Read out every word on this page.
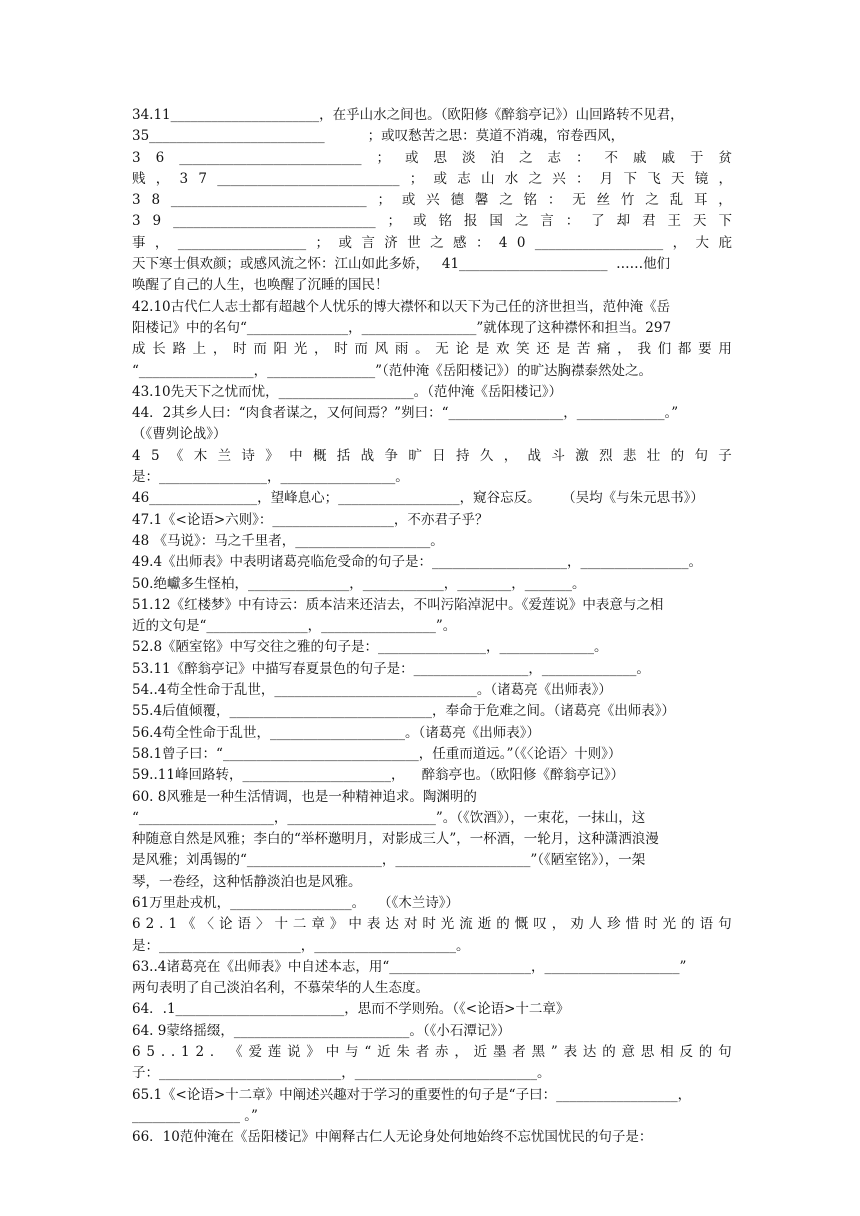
34.11______________________，在乎山水之间也。（欧阳修《醉翁亭记》）山回路转不见君，
35__________________________          ；或叹愁苦之思：莫道不消魂，帘卷西风，
3 6 ___________________________ ； 或 思 淡 泊 之 志 ： 不 戚 戚 于 贫
贱 ， 3 7 ___________________________ ； 或 志 山 水 之 兴 ： 月 下 飞 天 镜 ，
3 8 _____________________________ ； 或 兴 德 馨 之 铭 ： 无 丝 竹 之 乱 耳 ，
3 9 ______________________________ ； 或 铭 报 国 之 言 ： 了 却 君 王 天 下
事 ， ___________________ ； 或 言 济 世 之 感 ： 4 0 ___________________ ， 大 庇
天下寒士俱欢颜；或感风流之怀：江山如此多娇，   41______________________  ……他们
唤醒了自己的人生，也唤醒了沉睡的国民！
42.10古代仁人志士都有超越个人忧乐的博大襟怀和以天下为己任的济世担当，范仲淹《岳
阳楼记》中的名句“_______________，_________________”就体现了这种襟怀和担当。297
成 长 路 上 ， 时 而 阳 光 ， 时 而 风 雨 。 无 论 是 欢 笑 还 是 苦 痛 ， 我 们 都 要 用
“_________________，________________”（范仲淹《岳阳楼记》）的旷达胸襟泰然处之。
43.10先天下之忧而忧，____________________。（范仲淹《岳阳楼记》）
44．2其乡人曰：“肉食者谋之，又何间焉？”刿曰：“_________________，_____________。”
（《曹刿论战》）
4 5 《 木 兰 诗 》 中 概 括 战 争 旷 日 持 久 ， 战 斗 激 烈 悲 壮 的 句 子
是：________________，_________________。
46________________，望峰息心；__________________，窥谷忘反。     （吴均《与朱元思书》）
47.1《<论语>六则》：__________________，不亦君子乎？
48 《马说》：马之千里者，____________________。
49.4《出师表》中表明诸葛亮临危受命的句子是：____________________，________________。
50.绝巘多生怪柏，_______________，____________，________，_______。
51.12《红楼梦》中有诗云：质本洁来还洁去，不叫污陷淖泥中。《爱莲说》中表意与之相
近的文句是“_______________，_________________”。
52.8《陋室铭》中写交往之雅的句子是：________________，______________。
53.11《醉翁亭记》中描写春夏景色的句子是：_________________，______________。
54..4苟全性命于乱世，______________________________。（诸葛亮《出师表》）
55.4后值倾覆，______________________________，奉命于危难之间。（诸葛亮《出师表》）
56.4苟全性命于乱世，____________________。（诸葛亮《出师表》）
58.1曾子曰：“_____________________________，任重而道远。”（《〈论语〉十则》）
59..11峰回路转，______________________，    醉翁亭也。（欧阳修《醉翁亭记》）
60. 8风雅是一种生活情调，也是一种精神追求。陶渊明的
“____________________，______________________”。（《饮酒》），一束花，一抹山，这
种随意自然是风雅；李白的“举杯邀明月，对影成三人”，一杯酒，一轮月，这种潇洒浪漫
是风雅；刘禹锡的“____________________，____________________”（《陋室铭》），一架
琴，一卷经，这种恬静淡泊也是风雅。
61万里赴戎机，__________________。   （《木兰诗》）
6 2 . 1 《 〈 论 语 〉 十 二 章 》 中 表 达 对 时 光 流 逝 的 慨 叹 ， 劝 人 珍 惜 时 光 的 语 句
是：_____________________，_____________________。
63..4诸葛亮在《出师表》中自述本志，用“_____________________，____________________”
两句表明了自己淡泊名利，不慕荣华的人生态度。
64．.1_________________________，思而不学则殆。（《<论语>十二章》
64. 9蒙络摇缀，__________________________。（《小石潭记》）
6 5 . . 1 2 ． 《 爱 莲 说 》 中 与 “ 近 朱 者 赤 ， 近 墨 者 黑 ” 表 达 的 意 思 相 反 的 句
子：___________________________，___________________________。
65.1《<论语>十二章》中阐述兴趣对于学习的重要性的句子是“子曰：__________________，
________________ 。”
66．10范仲淹在《岳阳楼记》中阐释古仁人无论身处何地始终不忘忧国忧民的句子是：
